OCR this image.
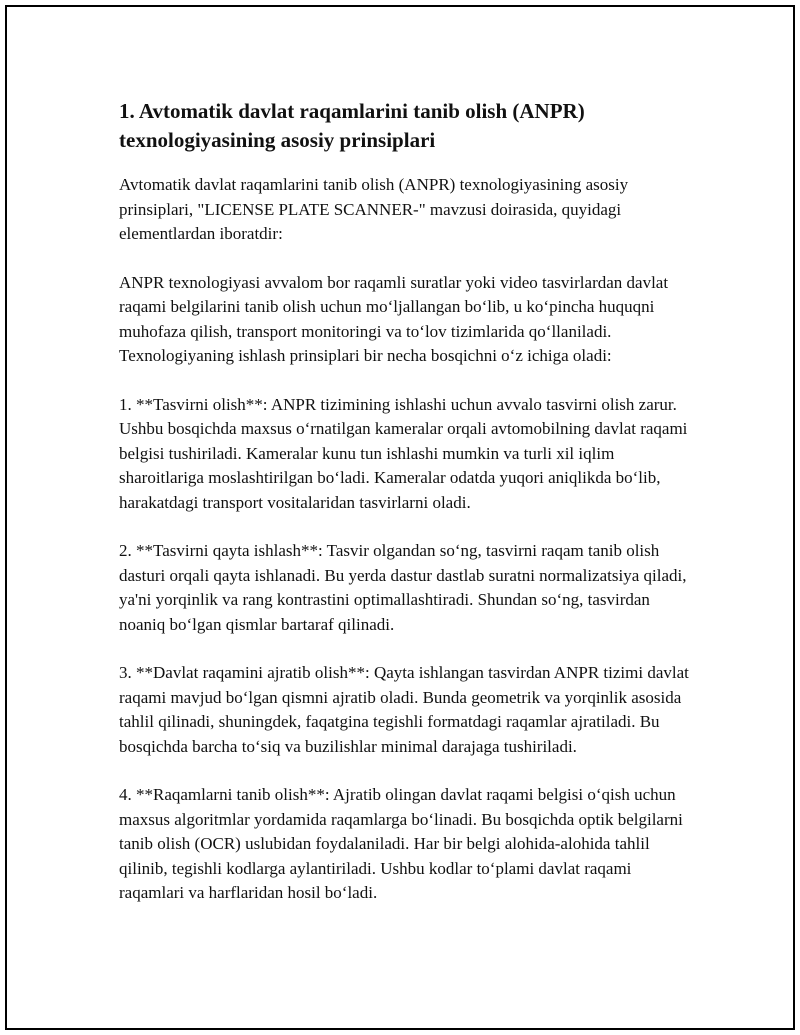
1. Avtomatik davlat raqamlarini tanib olish (ANPR) texnologiyasining asosiy prinsiplari

Avtomatik davlat raqamlarini tanib olish (ANPR) texnologiyasining asosiy prinsiplari, "LICENSE PLATE SCANNER-" mavzusi doirasida, quyidagi elementlardan iboratdir:

ANPR texnologiyasi avvalom bor raqamli suratlar yoki video tasvirlardan davlat raqami belgilarini tanib olish uchun moʻljallangan boʻlib, u koʻpincha huquqni muhofaza qilish, transport monitoringi va toʻlov tizimlarida qoʻllaniladi. Texnologiyaning ishlash prinsiplari bir necha bosqichni oʻz ichiga oladi:

1. **Tasvirni olish**: ANPR tizimining ishlashi uchun avvalo tasvirni olish zarur. Ushbu bosqichda maxsus oʻrnatilgan kameralar orqali avtomobilning davlat raqami belgisi tushiriladi. Kameralar kunu tun ishlashi mumkin va turli xil iqlim sharoitlariga moslashtirilgan boʻladi. Kameralar odatda yuqori aniqlikda boʻlib, harakatdagi transport vositalaridan tasvirlarni oladi.

2. **Tasvirni qayta ishlash**: Tasvir olgandan soʻng, tasvirni raqam tanib olish dasturi orqali qayta ishlanadi. Bu yerda dastur dastlab suratni normalizatsiya qiladi, ya'ni yorqinlik va rang kontrastini optimallashtiradi. Shundan soʻng, tasvirdan noaniq boʻlgan qismlar bartaraf qilinadi.

3. **Davlat raqamini ajratib olish**: Qayta ishlangan tasvirdan ANPR tizimi davlat raqami mavjud boʻlgan qismni ajratib oladi. Bunda geometrik va yorqinlik asosida tahlil qilinadi, shuningdek, faqatgina tegishli formatdagi raqamlar ajratiladi. Bu bosqichda barcha toʻsiq va buzilishlar minimal darajaga tushiriladi.

4. **Raqamlarni tanib olish**: Ajratib olingan davlat raqami belgisi oʻqish uchun maxsus algoritmlar yordamida raqamlarga boʻlinadi. Bu bosqichda optik belgilarni tanib olish (OCR) uslubidan foydalaniladi. Har bir belgi alohida-alohida tahlil qilinib, tegishli kodlarga aylantiriladi. Ushbu kodlar toʻplami davlat raqami raqamlari va harflaridan hosil boʻladi.
